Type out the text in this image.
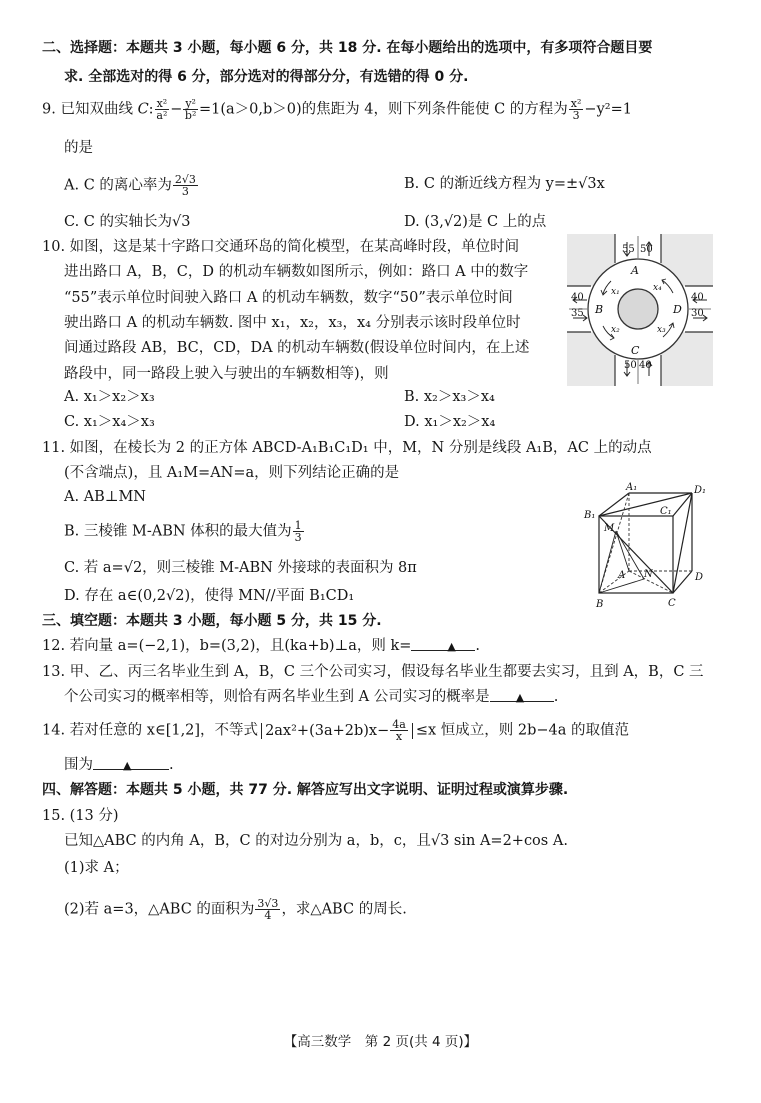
二、选择题：本题共 3 小题，每小题 6 分，共 18 分. 在每小题给出的选项中，有多项符合题目要
求. 全部选对的得 6 分，部分选对的得部分分，有选错的得 0 分.
9. 已知双曲线 C: $\frac{\text{x²}}{\text{a²}} - \frac{\text{y²}}{\text{b²}} =1(a>0,b>0)$的焦距为 4，则下列条件能使 C 的方程为 $\frac{\text{x²}}{3} -y^2=1$
的是
A. C 的离心率为 $\frac{2√3}{3}$	B. C 的渐近线方程为 y=±√3x
C. C 的实轴长为√3	D. (3,√2)是 C 上的点
10. 如图，这是某十字路口交通环岛的简化模型，在某高峰时段，单位时间
进出路口 A，B，C，D 的机动车辆数如图所示，例如：路口 A 中的数字
“55”表示单位时间驶入路口 A 的机动车辆数，数字“50”表示单位时间
驶出路口 A 的机动车辆数. 图中 x₁，x₂，x₃，x₄ 分别表示该时段单位时
间通过路段 AB，BC，CD，DA 的机动车辆数(假设单位时间内，在上述
路段中，同一路段上驶入与驶出的车辆数相等)，则
A. x₁＞x₂＞x₃	B. x₂＞x₃＞x₄
C. x₁＞x₄＞x₃	D. x₁＞x₂＞x₄
55 50
40
35
40
30
50 40
A
B
C
D
x₁
x₂	x₃
x₄
11. 如图，在棱长为 2 的正方体 ABCD-A₁B₁C₁D₁ 中，M，N 分别是线段 A₁B，AC 上的动点
(不含端点)，且 A₁M=AN=a，则下列结论正确的是
A. AB⊥MN
B. 三棱锥 M-ABN 体积的最大值为 $\frac{1}{3}$
C. 若 a=√2，则三棱锥 M-ABN 外接球的表面积为 8π
D. 存在 a∈(0,2√2)，使得 MN//平面 B₁CD₁
A₁
B₁	C₁
D₁
A
B	C
D
M
N
三、填空题：本题共 3 小题，每小题 5 分，共 15 分.
12. 若向量 a=(−2,1)，b=(3,2)，且(ka+b)⊥a，则 k=	▲ .
13. 甲、乙、丙三名毕业生到 A，B，C 三个公司实习，假设每名毕业生都要去实习，且到 A，B，C 三
个公司实习的概率相等，则恰有两名毕业生到 A 公司实习的概率是 ▲ .
14. 若对任意的 x∈[1,2]，不等式 $2ax^2+(3a+2b)x- \frac{4a}{x} \le x$ 恒成立，则 2b−4a 的取值范
围为	▲	.
四、解答题：本题共 5 小题，共 77 分. 解答应写出文字说明、证明过程或演算步骤.
15. (13 分)
已知△ABC 的内角 A，B，C 的对边分别为 a，b，c，且√3 sin A=2+cos A.
(1)求 A；
(2)若 a=3，△ABC 的面积为 $\frac{3√3}{4}$ ，求△ABC 的周长.
【高三数学　第 2 页(共 4 页)】
